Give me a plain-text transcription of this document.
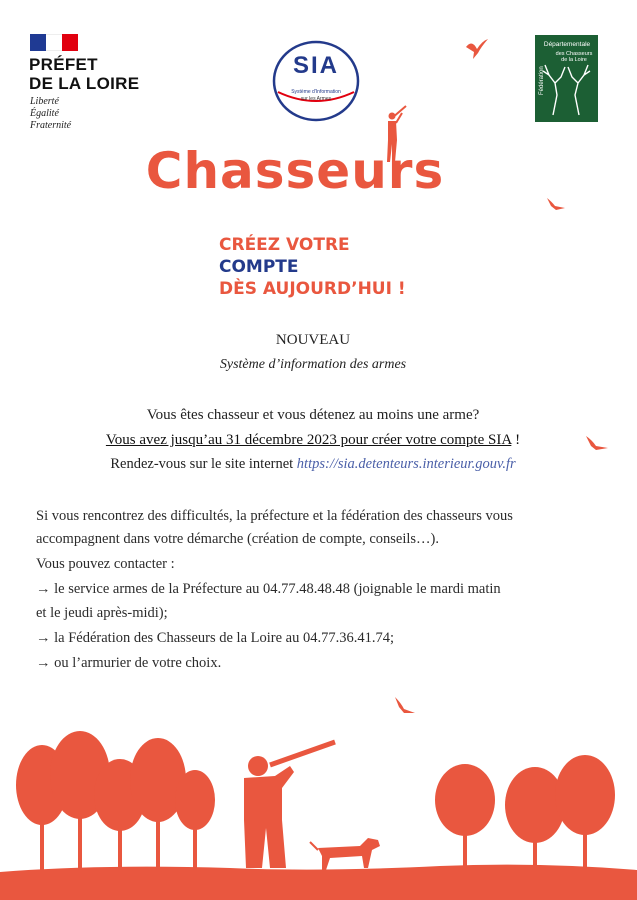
PRÉFET
DE LA LOIRE
Liberté
Égalité
Fraternité
SIA
Système d'Information
sur les Armes
Départementale
des Chasseurs
de la Loire
Fédération
Chasseurs
CRÉEZ VOTRE
COMPTE
DÈS AUJOURD’HUI !
NOUVEAU
Système d’information des armes
Vous êtes chasseur et vous détenez au moins une arme?
Vous avez jusqu’au 31 décembre 2023 pour créer votre compte SIA !
Rendez-vous sur le site internet https://sia.detenteurs.interieur.gouv.fr
Si vous rencontrez des difficultés, la préfecture et la fédération des chasseurs vous
accompagnent dans votre démarche (création de compte, conseils…).
Vous pouvez contacter :
→ le service armes de la Préfecture au 04.77.48.48.48 (joignable le mardi matin
et le jeudi après-midi);
→ la Fédération des Chasseurs de la Loire au 04.77.36.41.74;
→ ou l’armurier de votre choix.
